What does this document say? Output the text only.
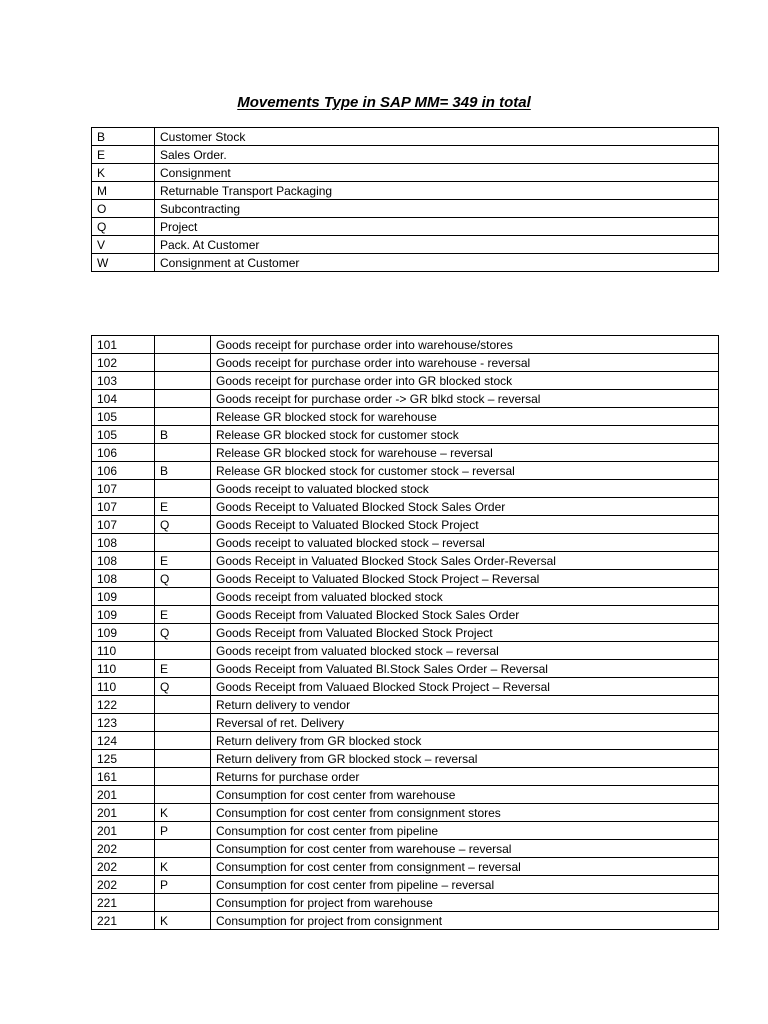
Movements Type in SAP MM= 349 in total
B	Customer Stock
E	Sales Order.
K	Consignment
M	Returnable Transport Packaging
O	Subcontracting
Q	Project
V	Pack. At Customer
W	Consignment at Customer
101		Goods receipt for purchase order into warehouse/stores
102		Goods receipt for purchase order into warehouse - reversal
103		Goods receipt for purchase order into GR blocked stock
104		Goods receipt for purchase order -> GR blkd stock – reversal
105		Release GR blocked stock for warehouse
105	B	Release GR blocked stock for customer stock
106		Release GR blocked stock for warehouse – reversal
106	B	Release GR blocked stock for customer stock – reversal
107		Goods receipt to valuated blocked stock
107	E	Goods Receipt to Valuated Blocked Stock Sales Order
107	Q	Goods Receipt to Valuated Blocked Stock Project
108		Goods receipt to valuated blocked stock – reversal
108	E	Goods Receipt in Valuated Blocked Stock Sales Order-Reversal
108	Q	Goods Receipt to Valuated Blocked Stock Project – Reversal
109		Goods receipt from valuated blocked stock
109	E	Goods Receipt from Valuated Blocked Stock Sales Order
109	Q	Goods Receipt from Valuated Blocked Stock Project
110		Goods receipt from valuated blocked stock – reversal
110	E	Goods Receipt from Valuated Bl.Stock Sales Order – Reversal
110	Q	Goods Receipt from Valuaed Blocked Stock Project – Reversal
122		Return delivery to vendor
123		Reversal of ret. Delivery
124		Return delivery from GR blocked stock
125		Return delivery from GR blocked stock – reversal
161		Returns for purchase order
201		Consumption for cost center from warehouse
201	K	Consumption for cost center from consignment stores
201	P	Consumption for cost center from pipeline
202		Consumption for cost center from warehouse – reversal
202	K	Consumption for cost center from consignment – reversal
202	P	Consumption for cost center from pipeline – reversal
221		Consumption for project from warehouse
221	K	Consumption for project from consignment
